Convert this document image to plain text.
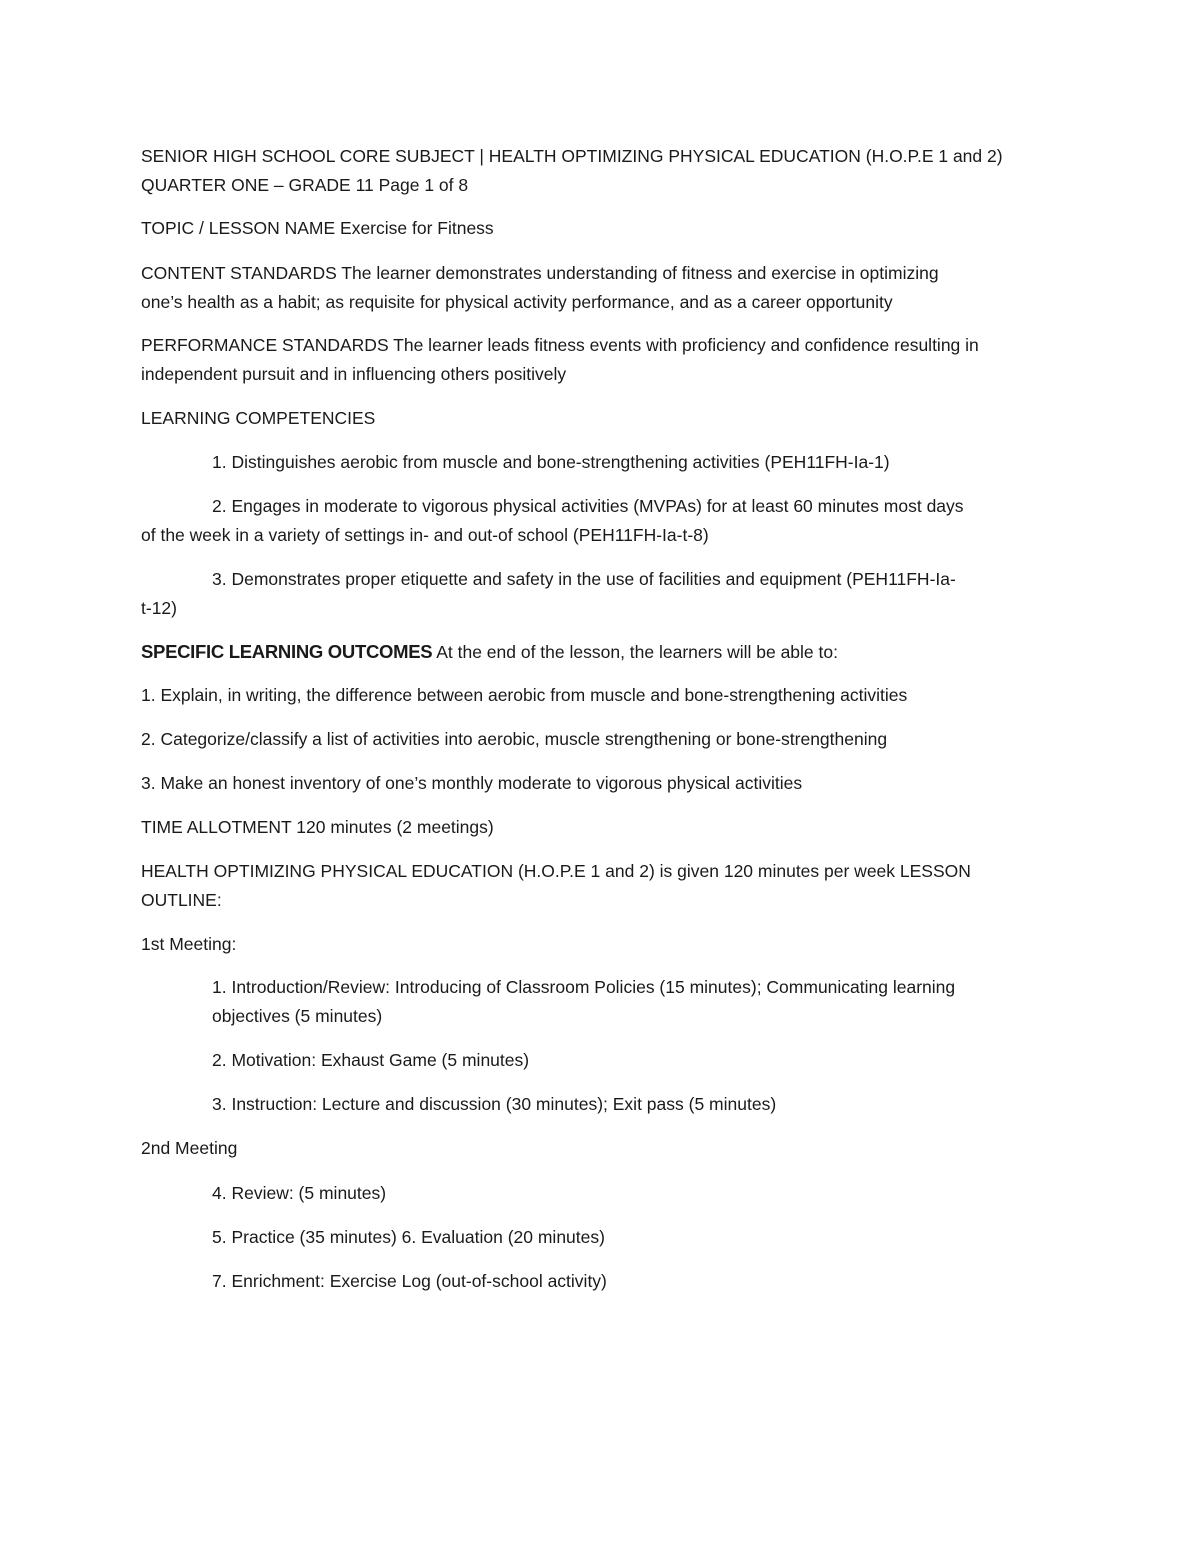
SENIOR HIGH SCHOOL CORE SUBJECT | HEALTH OPTIMIZING PHYSICAL EDUCATION (H.O.P.E 1 and 2)

QUARTER ONE – GRADE 11 Page 1 of 8

TOPIC / LESSON NAME Exercise for Fitness

CONTENT STANDARDS The learner demonstrates understanding of fitness and exercise in optimizing

one’s health as a habit; as requisite for physical activity performance, and as a career opportunity

PERFORMANCE STANDARDS The learner leads fitness events with proficiency and confidence resulting in

independent pursuit and in influencing others positively

LEARNING COMPETENCIES

1. Distinguishes aerobic from muscle and bone-strengthening activities (PEH11FH-Ia-1)

2. Engages in moderate to vigorous physical activities (MVPAs) for at least 60 minutes most days

of the week in a variety of settings in- and out-of school (PEH11FH-Ia-t-8)

3. Demonstrates proper etiquette and safety in the use of facilities and equipment (PEH11FH-Ia-

t-12)

SPECIFIC LEARNING OUTCOMES At the end of the lesson, the learners will be able to:

1. Explain, in writing, the difference between aerobic from muscle and bone-strengthening activities

2. Categorize/classify a list of activities into aerobic, muscle strengthening or bone-strengthening

3. Make an honest inventory of one’s monthly moderate to vigorous physical activities

TIME ALLOTMENT 120 minutes (2 meetings)

HEALTH OPTIMIZING PHYSICAL EDUCATION (H.O.P.E 1 and 2) is given 120 minutes per week LESSON

OUTLINE:

1st Meeting:

1. Introduction/Review: Introducing of Classroom Policies (15 minutes); Communicating learning

objectives (5 minutes)

2. Motivation: Exhaust Game (5 minutes)

3. Instruction: Lecture and discussion (30 minutes); Exit pass (5 minutes)

2nd Meeting

4. Review: (5 minutes)

5. Practice (35 minutes) 6. Evaluation (20 minutes)

7. Enrichment: Exercise Log (out-of-school activity)
